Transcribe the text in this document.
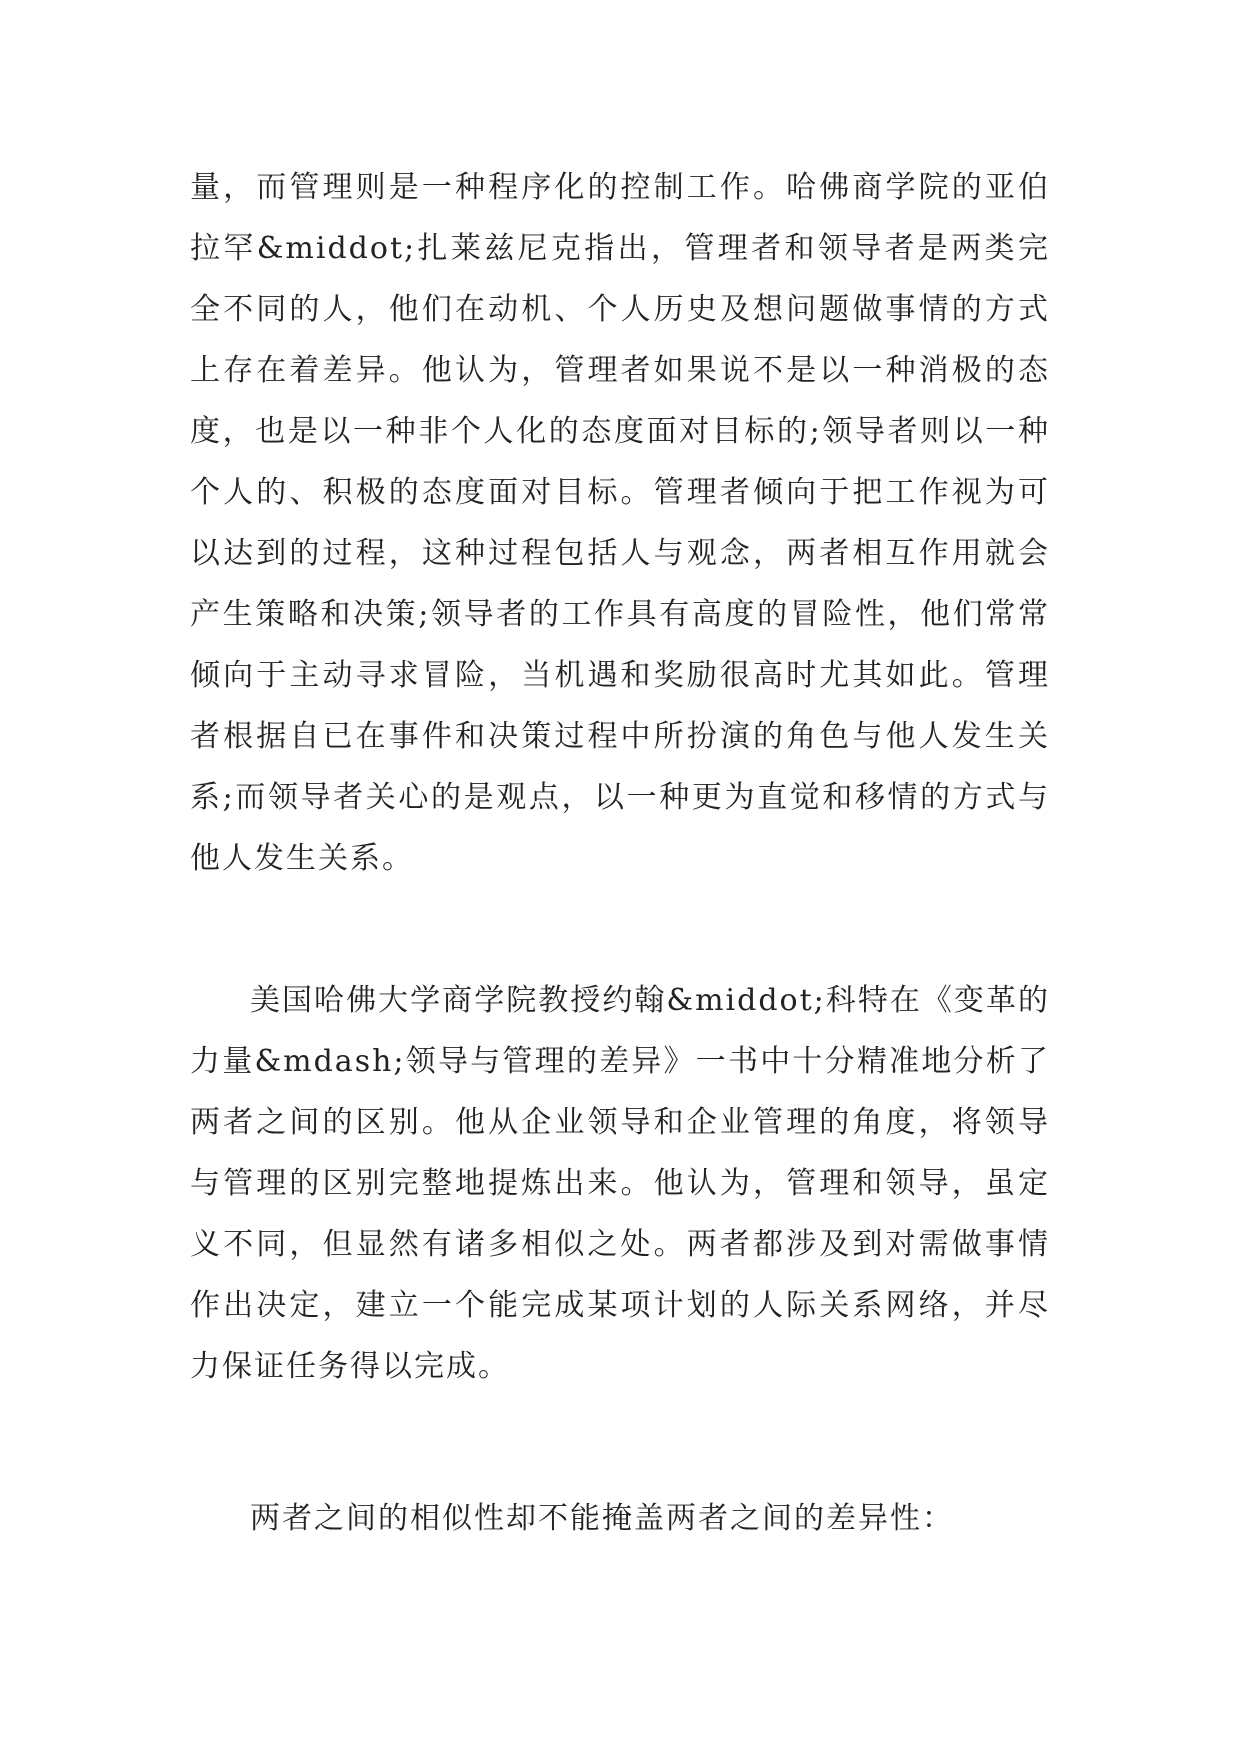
量，而管理则是一种程序化的控制工作。哈佛商学院的亚伯拉罕&middot;扎莱兹尼克指出，管理者和领导者是两类完全不同的人，他们在动机、个人历史及想问题做事情的方式上存在着差异。他认为，管理者如果说不是以一种消极的态度，也是以一种非个人化的态度面对目标的;领导者则以一种个人的、积极的态度面对目标。管理者倾向于把工作视为可以达到的过程，这种过程包括人与观念，两者相互作用就会产生策略和决策;领导者的工作具有高度的冒险性，他们常常倾向于主动寻求冒险，当机遇和奖励很高时尤其如此。管理者根据自已在事件和决策过程中所扮演的角色与他人发生关系;而领导者关心的是观点，以一种更为直觉和移情的方式与他人发生关系。

美国哈佛大学商学院教授约翰&middot;科特在《变革的力量&mdash;领导与管理的差异》一书中十分精准地分析了两者之间的区别。他从企业领导和企业管理的角度，将领导与管理的区别完整地提炼出来。他认为，管理和领导，虽定义不同，但显然有诸多相似之处。两者都涉及到对需做事情作出决定，建立一个能完成某项计划的人际关系网络，并尽力保证任务得以完成。

两者之间的相似性却不能掩盖两者之间的差异性：
